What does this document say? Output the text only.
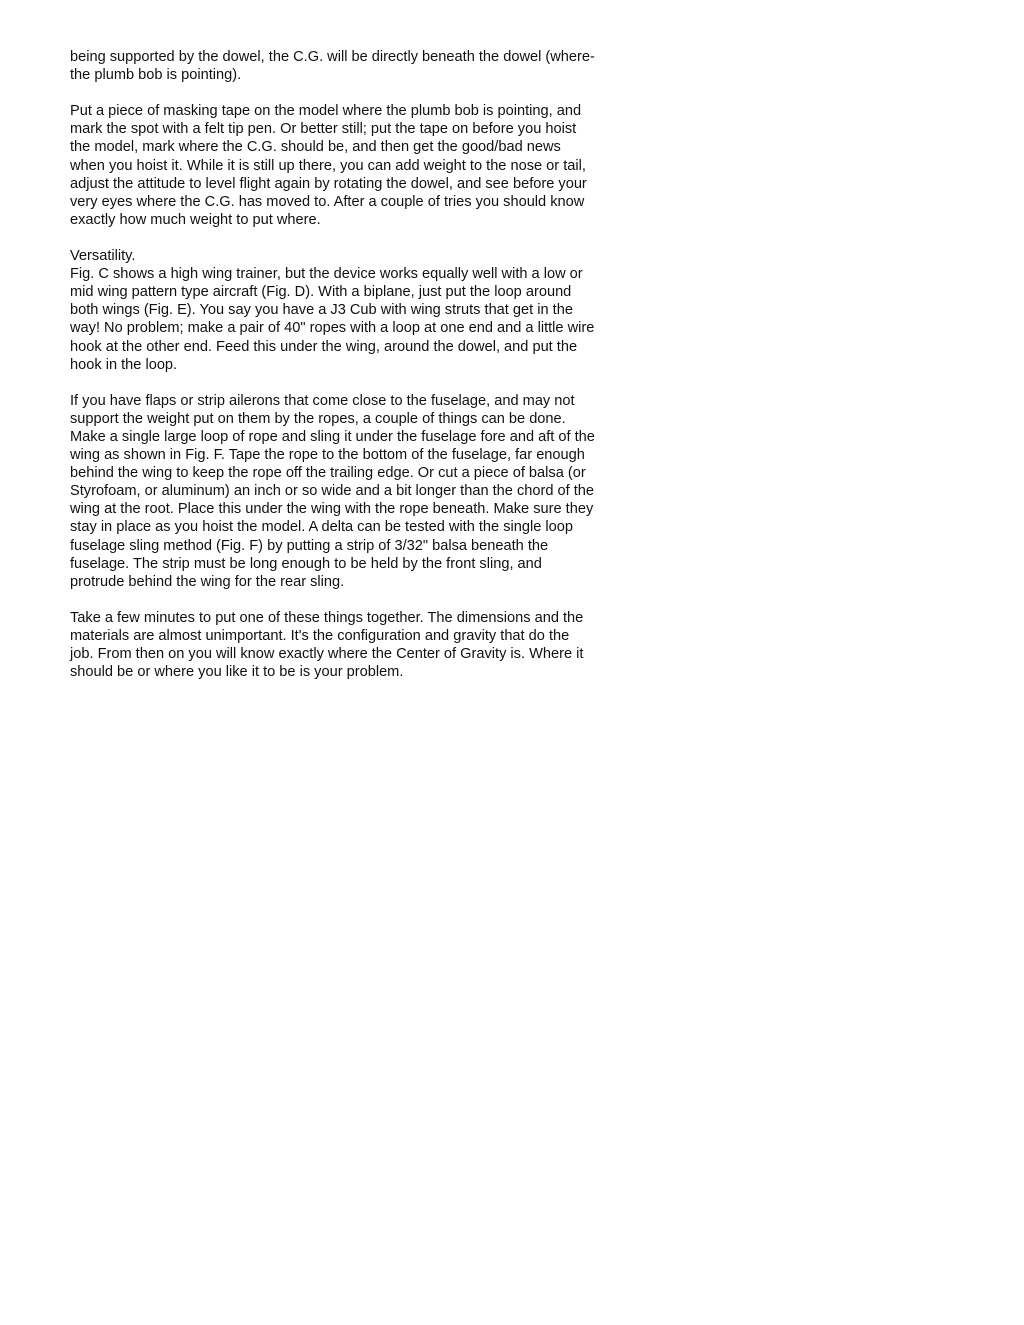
being supported by the dowel, the C.G. will be directly beneath the dowel (where-
the plumb bob is pointing).
Put a piece of masking tape on the model where the plumb bob is pointing, and
mark the spot with a felt tip pen. Or better still; put the tape on before you hoist
the model, mark where the C.G. should be, and then get the good/bad news
when you hoist it. While it is still up there, you can add weight to the nose or tail,
adjust the attitude to level flight again by rotating the dowel, and see before your
very eyes where the C.G. has moved to. After a couple of tries you should know
exactly how much weight to put where.
Versatility.
Fig. C shows a high wing trainer, but the device works equally well with a low or
mid wing pattern type aircraft (Fig. D). With a biplane, just put the loop around
both wings (Fig. E). You say you have a J3 Cub with wing struts that get in the
way! No problem; make a pair of 40" ropes with a loop at one end and a little wire
hook at the other end. Feed this under the wing, around the dowel, and put the
hook in the loop.
If you have flaps or strip ailerons that come close to the fuselage, and may not
support the weight put on them by the ropes, a couple of things can be done.
Make a single large loop of rope and sling it under the fuselage fore and aft of the
wing as shown in Fig. F. Tape the rope to the bottom of the fuselage, far enough
behind the wing to keep the rope off the trailing edge. Or cut a piece of balsa (or
Styrofoam, or aluminum) an inch or so wide and a bit longer than the chord of the
wing at the root. Place this under the wing with the rope beneath. Make sure they
stay in place as you hoist the model. A delta can be tested with the single loop
fuselage sling method (Fig. F) by putting a strip of 3/32" balsa beneath the
fuselage. The strip must be long enough to be held by the front sling, and
protrude behind the wing for the rear sling.
Take a few minutes to put one of these things together. The dimensions and the
materials are almost unimportant. It's the configuration and gravity that do the
job. From then on you will know exactly where the Center of Gravity is. Where it
should be or where you like it to be is your problem.
